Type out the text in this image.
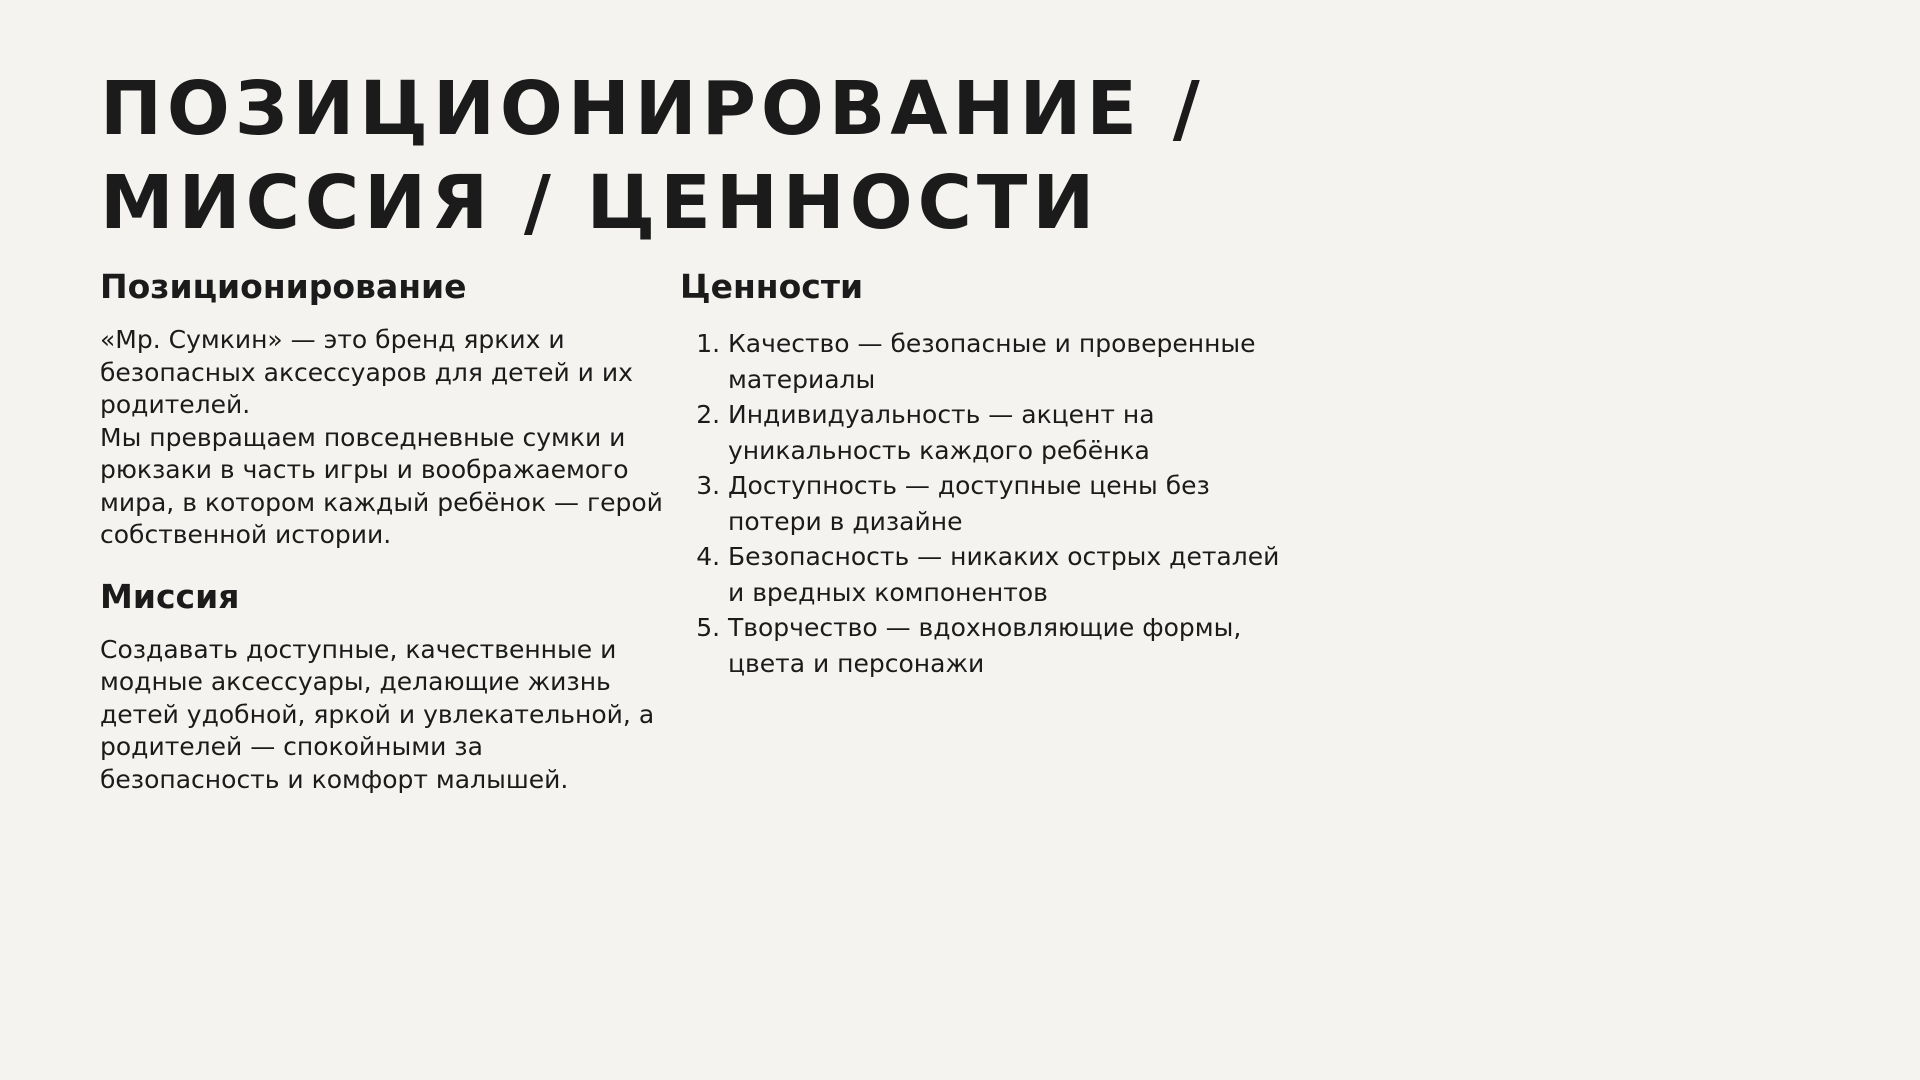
ПОЗИЦИОНИРОВАНИЕ / МИССИЯ / ЦЕННОСТИ
Позиционирование

«Мр. Сумкин» — это бренд ярких и безопасных аксессуаров для детей и их родителей.

Мы превращаем повседневные сумки и рюкзаки в часть игры и воображаемого мира, в котором каждый ребёнок — герой собственной истории.

Миссия

Создавать доступные, качественные и модные аксессуары, делающие жизнь детей удобной, яркой и увлекательной, а родителей — спокойными за безопасность и комфорт малышей.

Ценности
1. Качество — безопасные и проверенные материалы
2. Индивидуальность — акцент на уникальность каждого ребёнка
3. Доступность — доступные цены без потери в дизайне
4. Безопасность — никаких острых деталей и вредных компонентов
5. Творчество — вдохновляющие формы, цвета и персонажи
